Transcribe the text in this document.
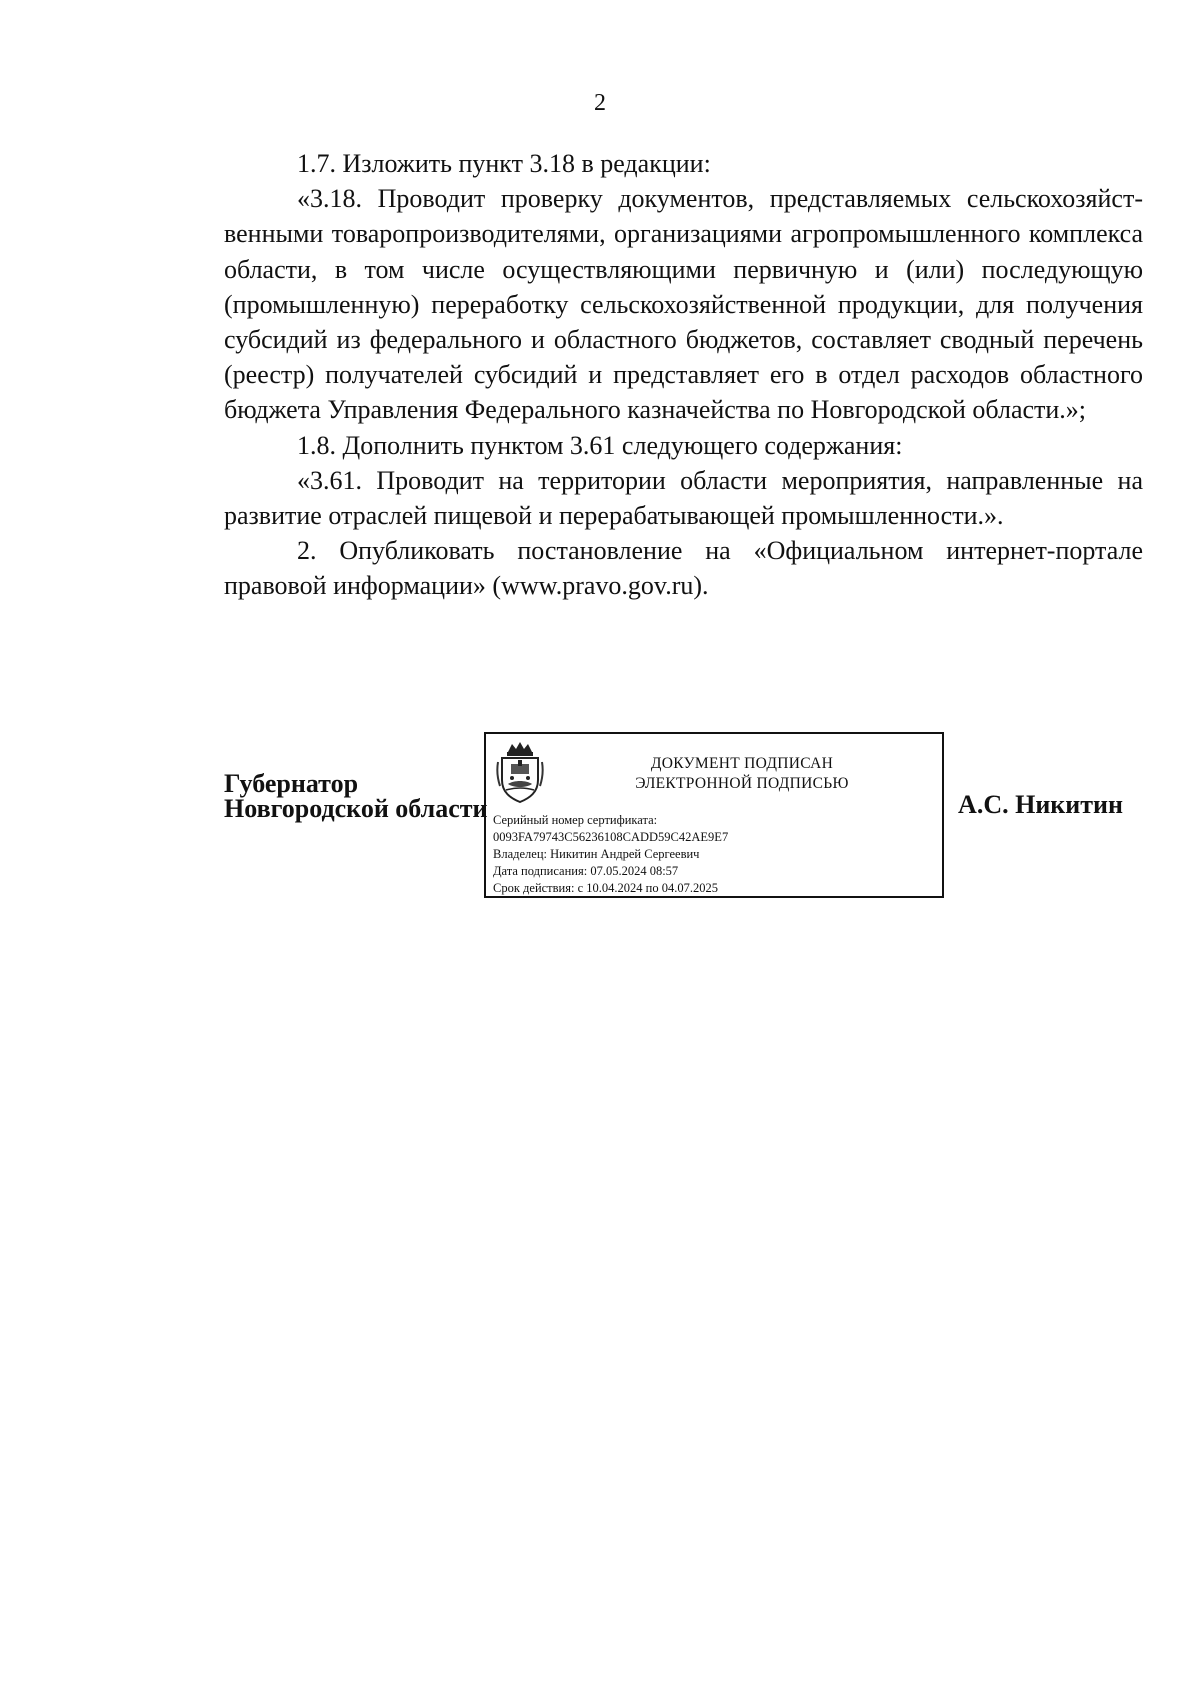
2

1.7. Изложить пункт 3.18 в редакции:

«3.18. Проводит проверку документов, представляемых сельскохозяйственными товаропроизводителями, организациями агропромышленного комплекса области, в том числе осуществляющими первичную и (или) последующую (промышленную) переработку сельскохозяйственной продукции, для получения субсидий из федерального и областного бюджетов, составляет сводный перечень (реестр) получателей субсидий и представляет его в отдел расходов областного бюджета Управления Федерального казначейства по Новгородской области.»;

1.8. Дополнить пунктом 3.61 следующего содержания:

«3.61. Проводит на территории области мероприятия, направленные на развитие отраслей пищевой и перерабатывающей промышленности.».

2. Опубликовать постановление на «Официальном интернет-портале правовой информации» (www.pravo.gov.ru).

Губернатор
Новгородской области
ДОКУМЕНТ ПОДПИСАН
ЭЛЕКТРОННОЙ ПОДПИСЬЮ
Серийный номер сертификата:
0093FA79743C56236108CADD59C42AE9E7
Владелец: Никитин Андрей Сергеевич
Дата подписания: 07.05.2024 08:57
Срок действия: с 10.04.2024 по 04.07.2025
А.С. Никитин
